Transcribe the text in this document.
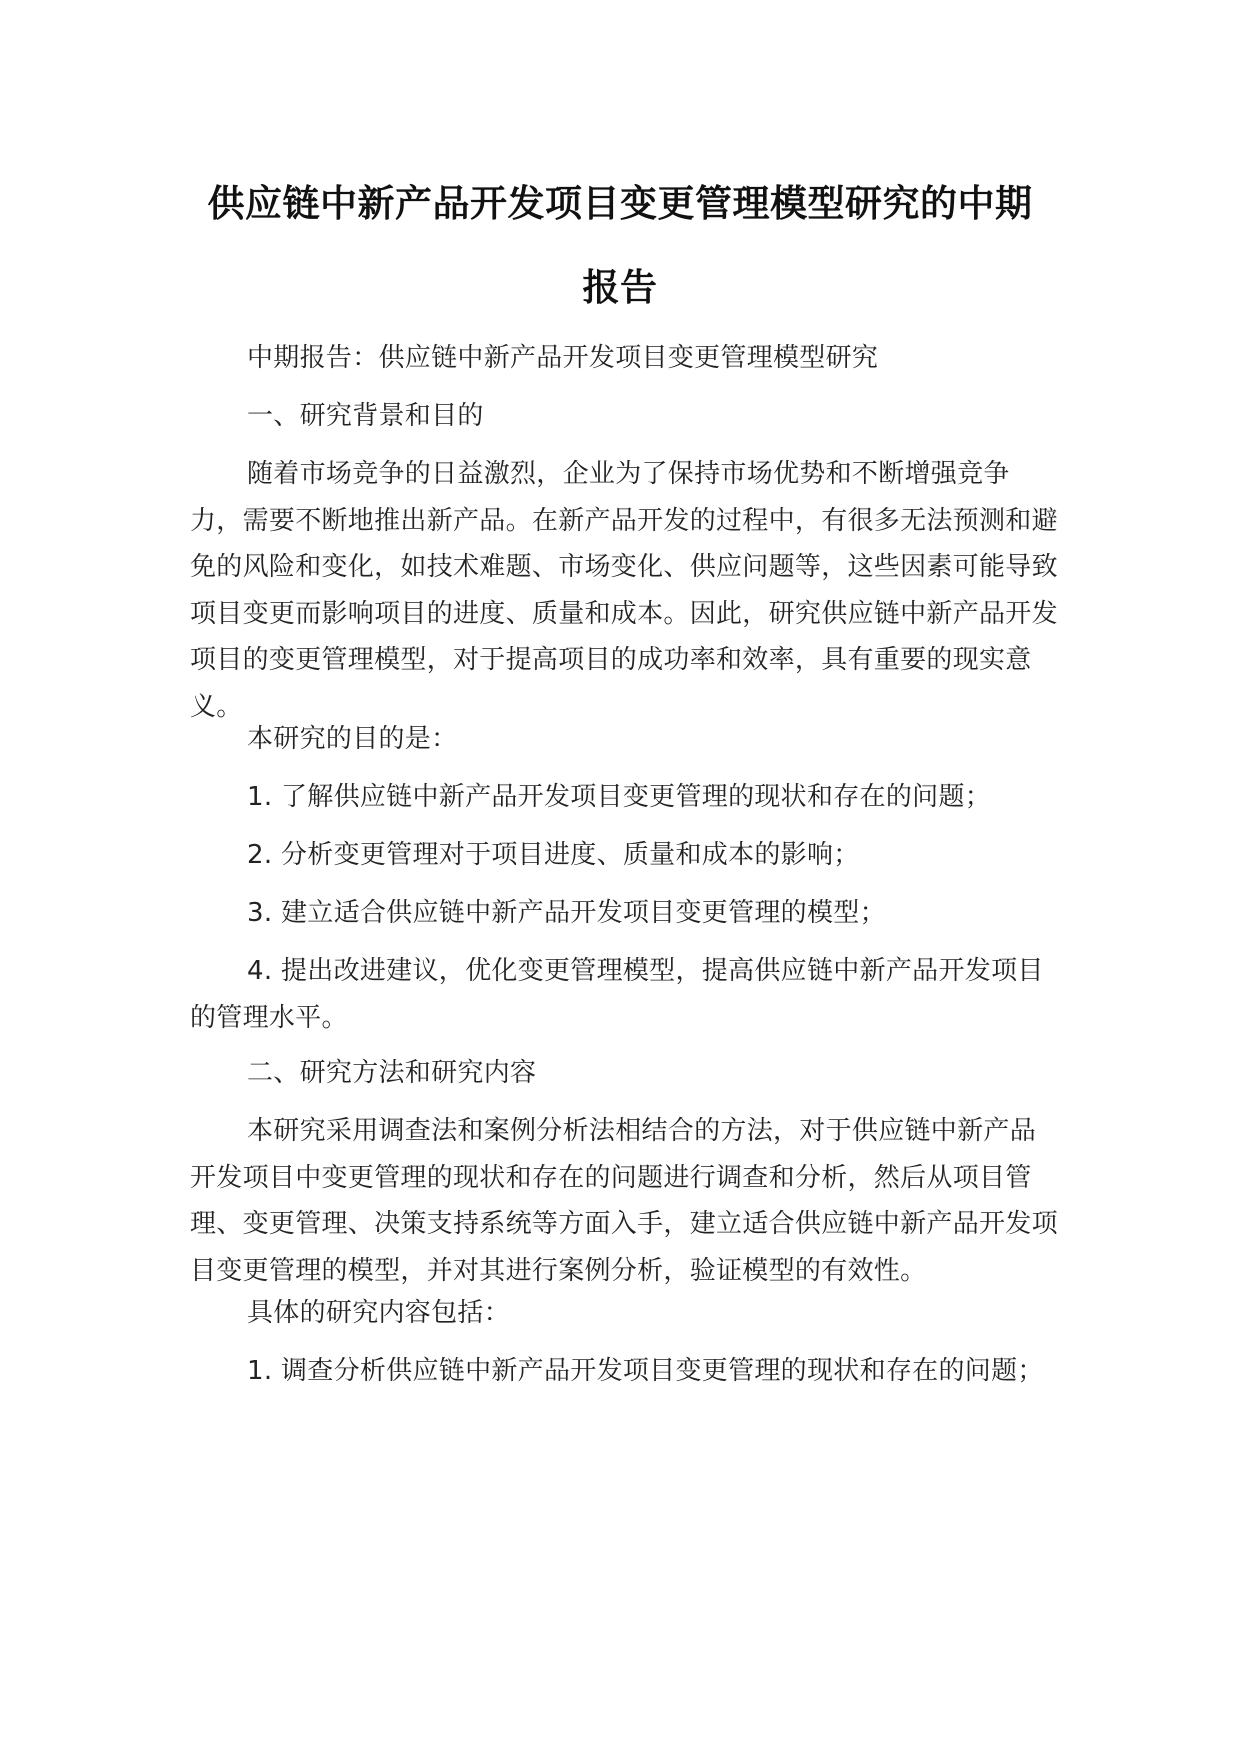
供应链中新产品开发项目变更管理模型研究的中期
报告
中期报告：供应链中新产品开发项目变更管理模型研究
一、研究背景和目的
随着市场竞争的日益激烈，企业为了保持市场优势和不断增强竞争力，需要不断地推出新产品。在新产品开发的过程中，有很多无法预测和避免的风险和变化，如技术难题、市场变化、供应问题等，这些因素可能导致项目变更而影响项目的进度、质量和成本。因此，研究供应链中新产品开发项目的变更管理模型，对于提高项目的成功率和效率，具有重要的现实意义。
本研究的目的是：
1. 了解供应链中新产品开发项目变更管理的现状和存在的问题；
2. 分析变更管理对于项目进度、质量和成本的影响；
3. 建立适合供应链中新产品开发项目变更管理的模型；
4. 提出改进建议，优化变更管理模型，提高供应链中新产品开发项目的管理水平。
二、研究方法和研究内容
本研究采用调查法和案例分析法相结合的方法，对于供应链中新产品开发项目中变更管理的现状和存在的问题进行调查和分析，然后从项目管理、变更管理、决策支持系统等方面入手，建立适合供应链中新产品开发项目变更管理的模型，并对其进行案例分析，验证模型的有效性。
具体的研究内容包括：
1. 调查分析供应链中新产品开发项目变更管理的现状和存在的问题；
